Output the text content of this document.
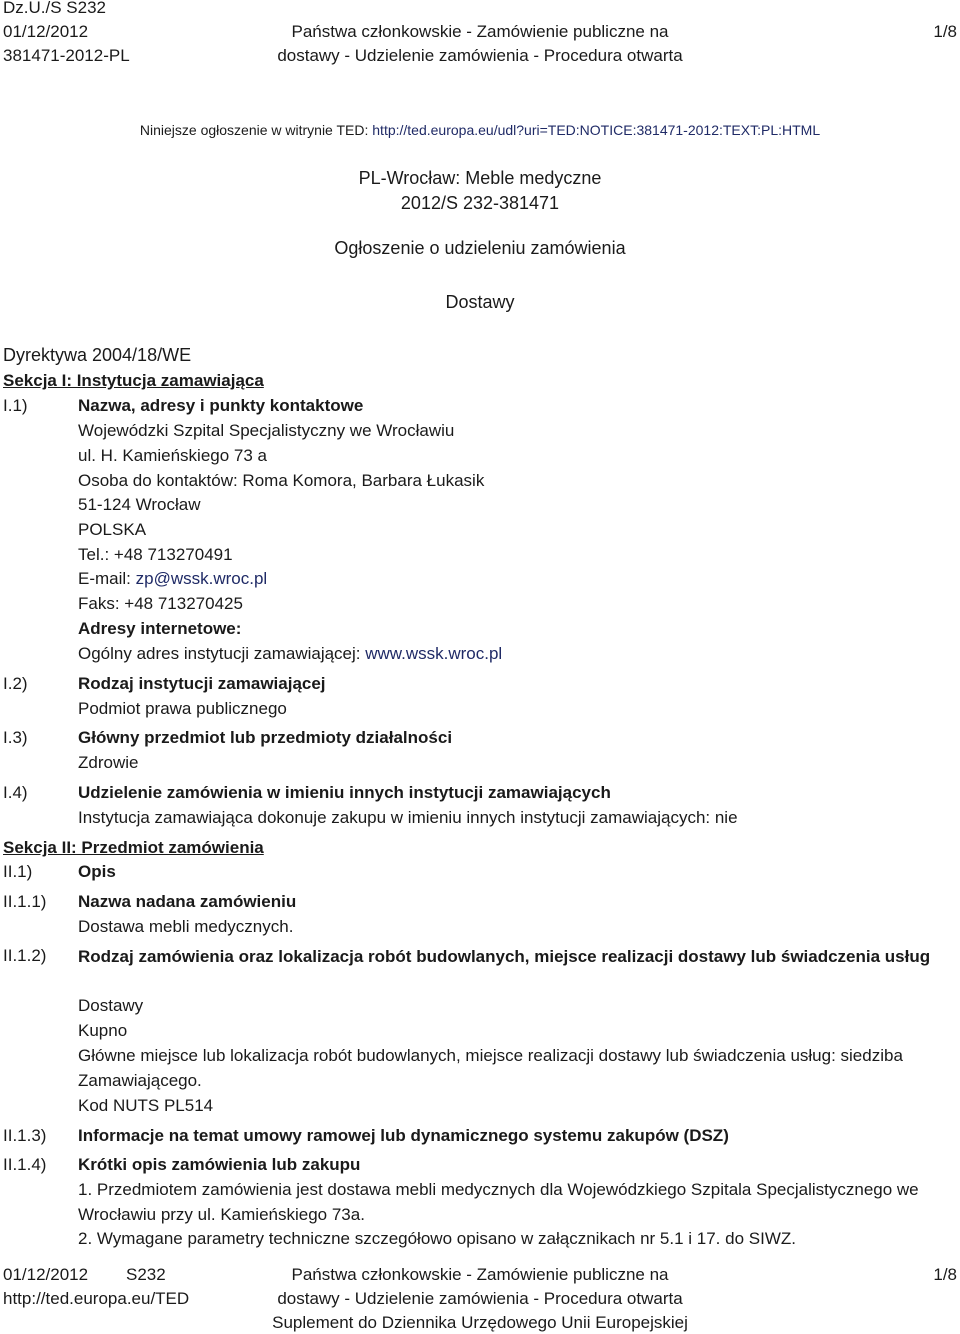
Dz.U./S S232
01/12/2012
381471-2012-PL
Państwa członkowskie - Zamówienie publiczne na
dostawy - Udzielenie zamówienia - Procedura otwarta
1/8
Niniejsze ogłoszenie w witrynie TED: http://ted.europa.eu/udl?uri=TED:NOTICE:381471-2012:TEXT:PL:HTML
PL-Wrocław: Meble medyczne
2012/S 232-381471
Ogłoszenie o udzieleniu zamówienia
Dostawy
Dyrektywa 2004/18/WE
Sekcja I: Instytucja zamawiająca
I.1)	Nazwa, adresy i punkty kontaktowe
Wojewódzki Szpital Specjalistyczny we Wrocławiu
ul. H. Kamieńskiego 73 a
Osoba do kontaktów: Roma Komora, Barbara Łukasik
51-124 Wrocław
POLSKA
Tel.: +48 713270491
E-mail: zp@wssk.wroc.pl
Faks: +48 713270425
Adresy internetowe:
Ogólny adres instytucji zamawiającej: www.wssk.wroc.pl
I.2)	Rodzaj instytucji zamawiającej
Podmiot prawa publicznego
I.3)	Główny przedmiot lub przedmioty działalności
Zdrowie
I.4)	Udzielenie zamówienia w imieniu innych instytucji zamawiających
Instytucja zamawiająca dokonuje zakupu w imieniu innych instytucji zamawiających: nie
Sekcja II: Przedmiot zamówienia
II.1)	Opis
II.1.1) Nazwa nadana zamówieniu
Dostawa mebli medycznych.
II.1.2) Rodzaj zamówienia oraz lokalizacja robót budowlanych, miejsce realizacji dostawy lub świadczenia usług
Dostawy
Kupno
Główne miejsce lub lokalizacja robót budowlanych, miejsce realizacji dostawy lub świadczenia usług: siedziba Zamawiającego.
Kod NUTS PL514
II.1.3) Informacje na temat umowy ramowej lub dynamicznego systemu zakupów (DSZ)
II.1.4) Krótki opis zamówienia lub zakupu
1. Przedmiotem zamówienia jest dostawa mebli medycznych dla Wojewódzkiego Szpitala Specjalistycznego we Wrocławiu przy ul. Kamieńskiego 73a.
2. Wymagane parametry techniczne szczegółowo opisano w załącznikach nr 5.1 i 17. do SIWZ.
01/12/2012 S232
http://ted.europa.eu/TED
Państwa członkowskie - Zamówienie publiczne na
dostawy - Udzielenie zamówienia - Procedura otwarta
Suplement do Dziennika Urzędowego Unii Europejskiej
1/8
